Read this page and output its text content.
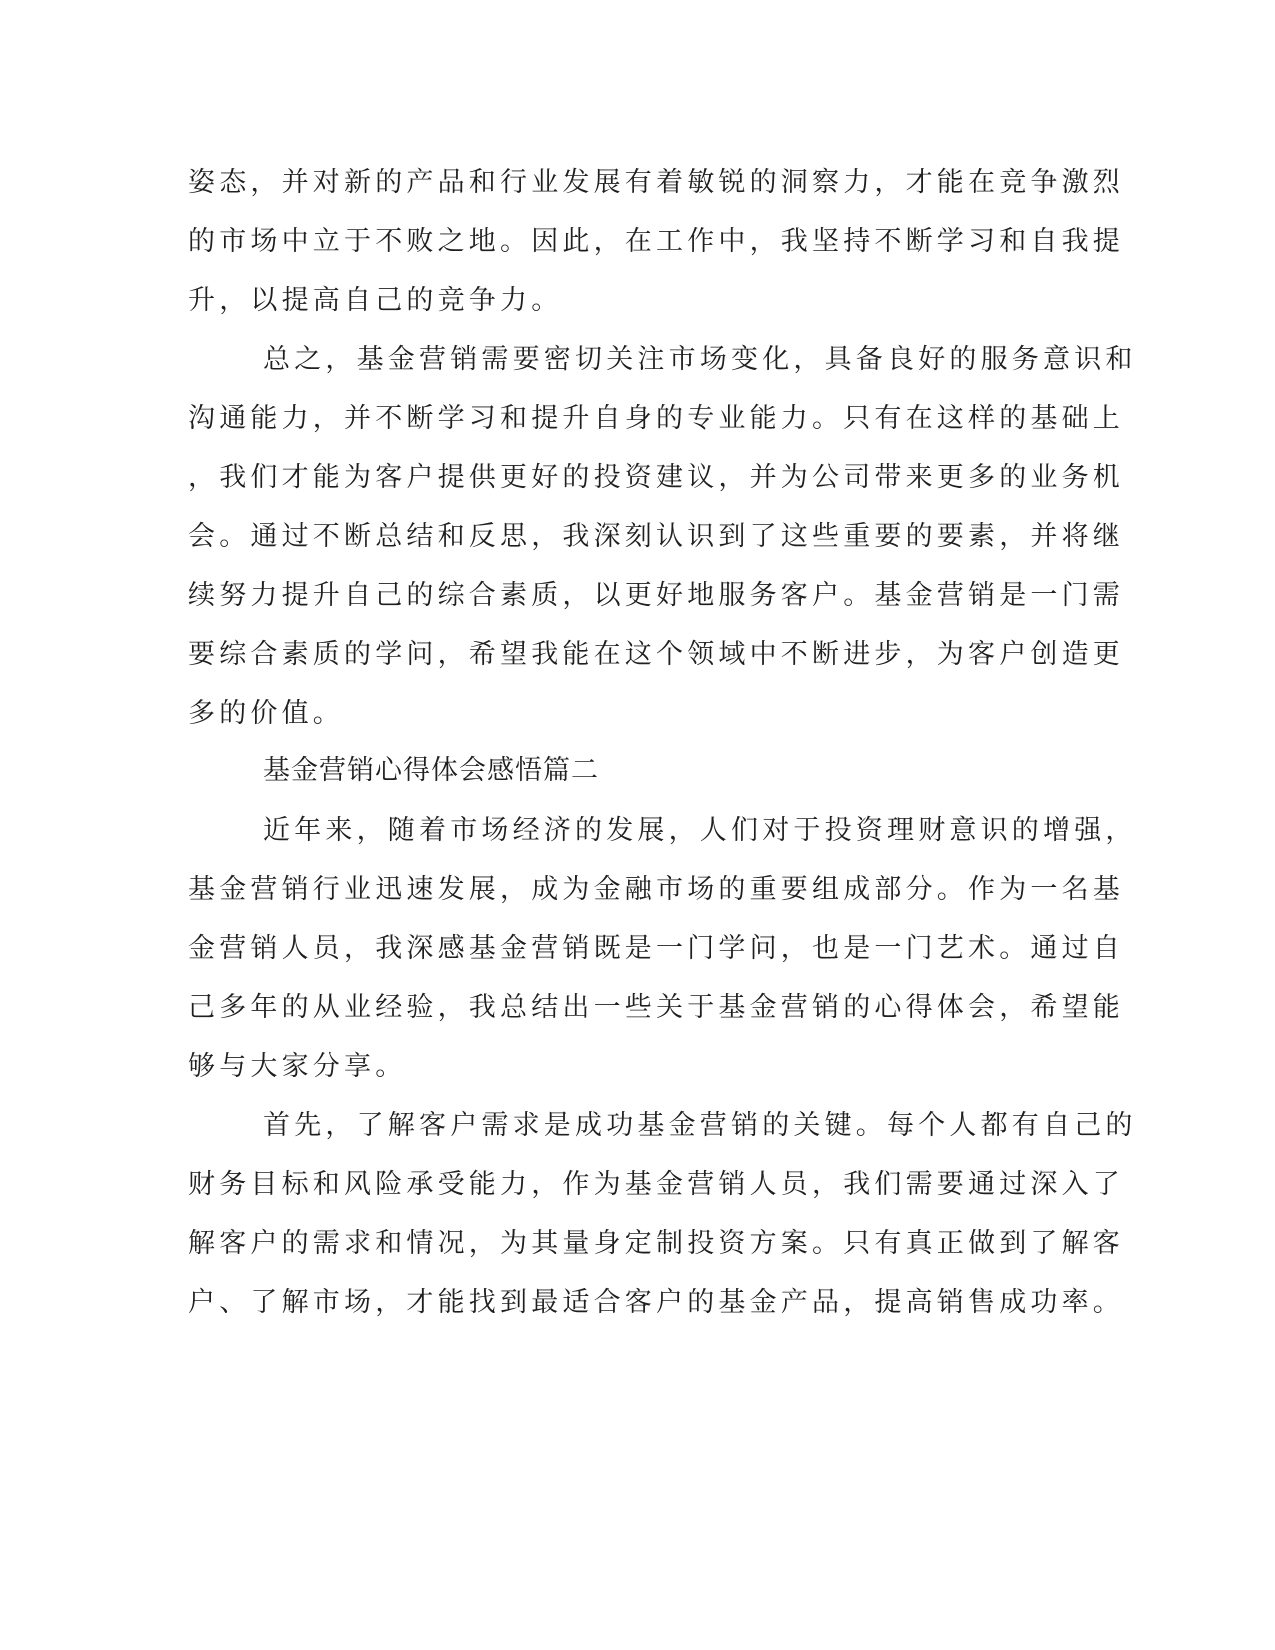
姿态，并对新的产品和行业发展有着敏锐的洞察力，才能在竞争激烈
的市场中立于不败之地。因此，在工作中，我坚持不断学习和自我提
升，以提高自己的竞争力。
总之，基金营销需要密切关注市场变化，具备良好的服务意识和
沟通能力，并不断学习和提升自身的专业能力。只有在这样的基础上
，我们才能为客户提供更好的投资建议，并为公司带来更多的业务机
会。通过不断总结和反思，我深刻认识到了这些重要的要素，并将继
续努力提升自己的综合素质，以更好地服务客户。基金营销是一门需
要综合素质的学问，希望我能在这个领域中不断进步，为客户创造更
多的价值。
基金营销心得体会感悟篇二
近年来，随着市场经济的发展，人们对于投资理财意识的增强，
基金营销行业迅速发展，成为金融市场的重要组成部分。作为一名基
金营销人员，我深感基金营销既是一门学问，也是一门艺术。通过自
己多年的从业经验，我总结出一些关于基金营销的心得体会，希望能
够与大家分享。
首先，了解客户需求是成功基金营销的关键。每个人都有自己的
财务目标和风险承受能力，作为基金营销人员，我们需要通过深入了
解客户的需求和情况，为其量身定制投资方案。只有真正做到了解客
户、了解市场，才能找到最适合客户的基金产品，提高销售成功率。
